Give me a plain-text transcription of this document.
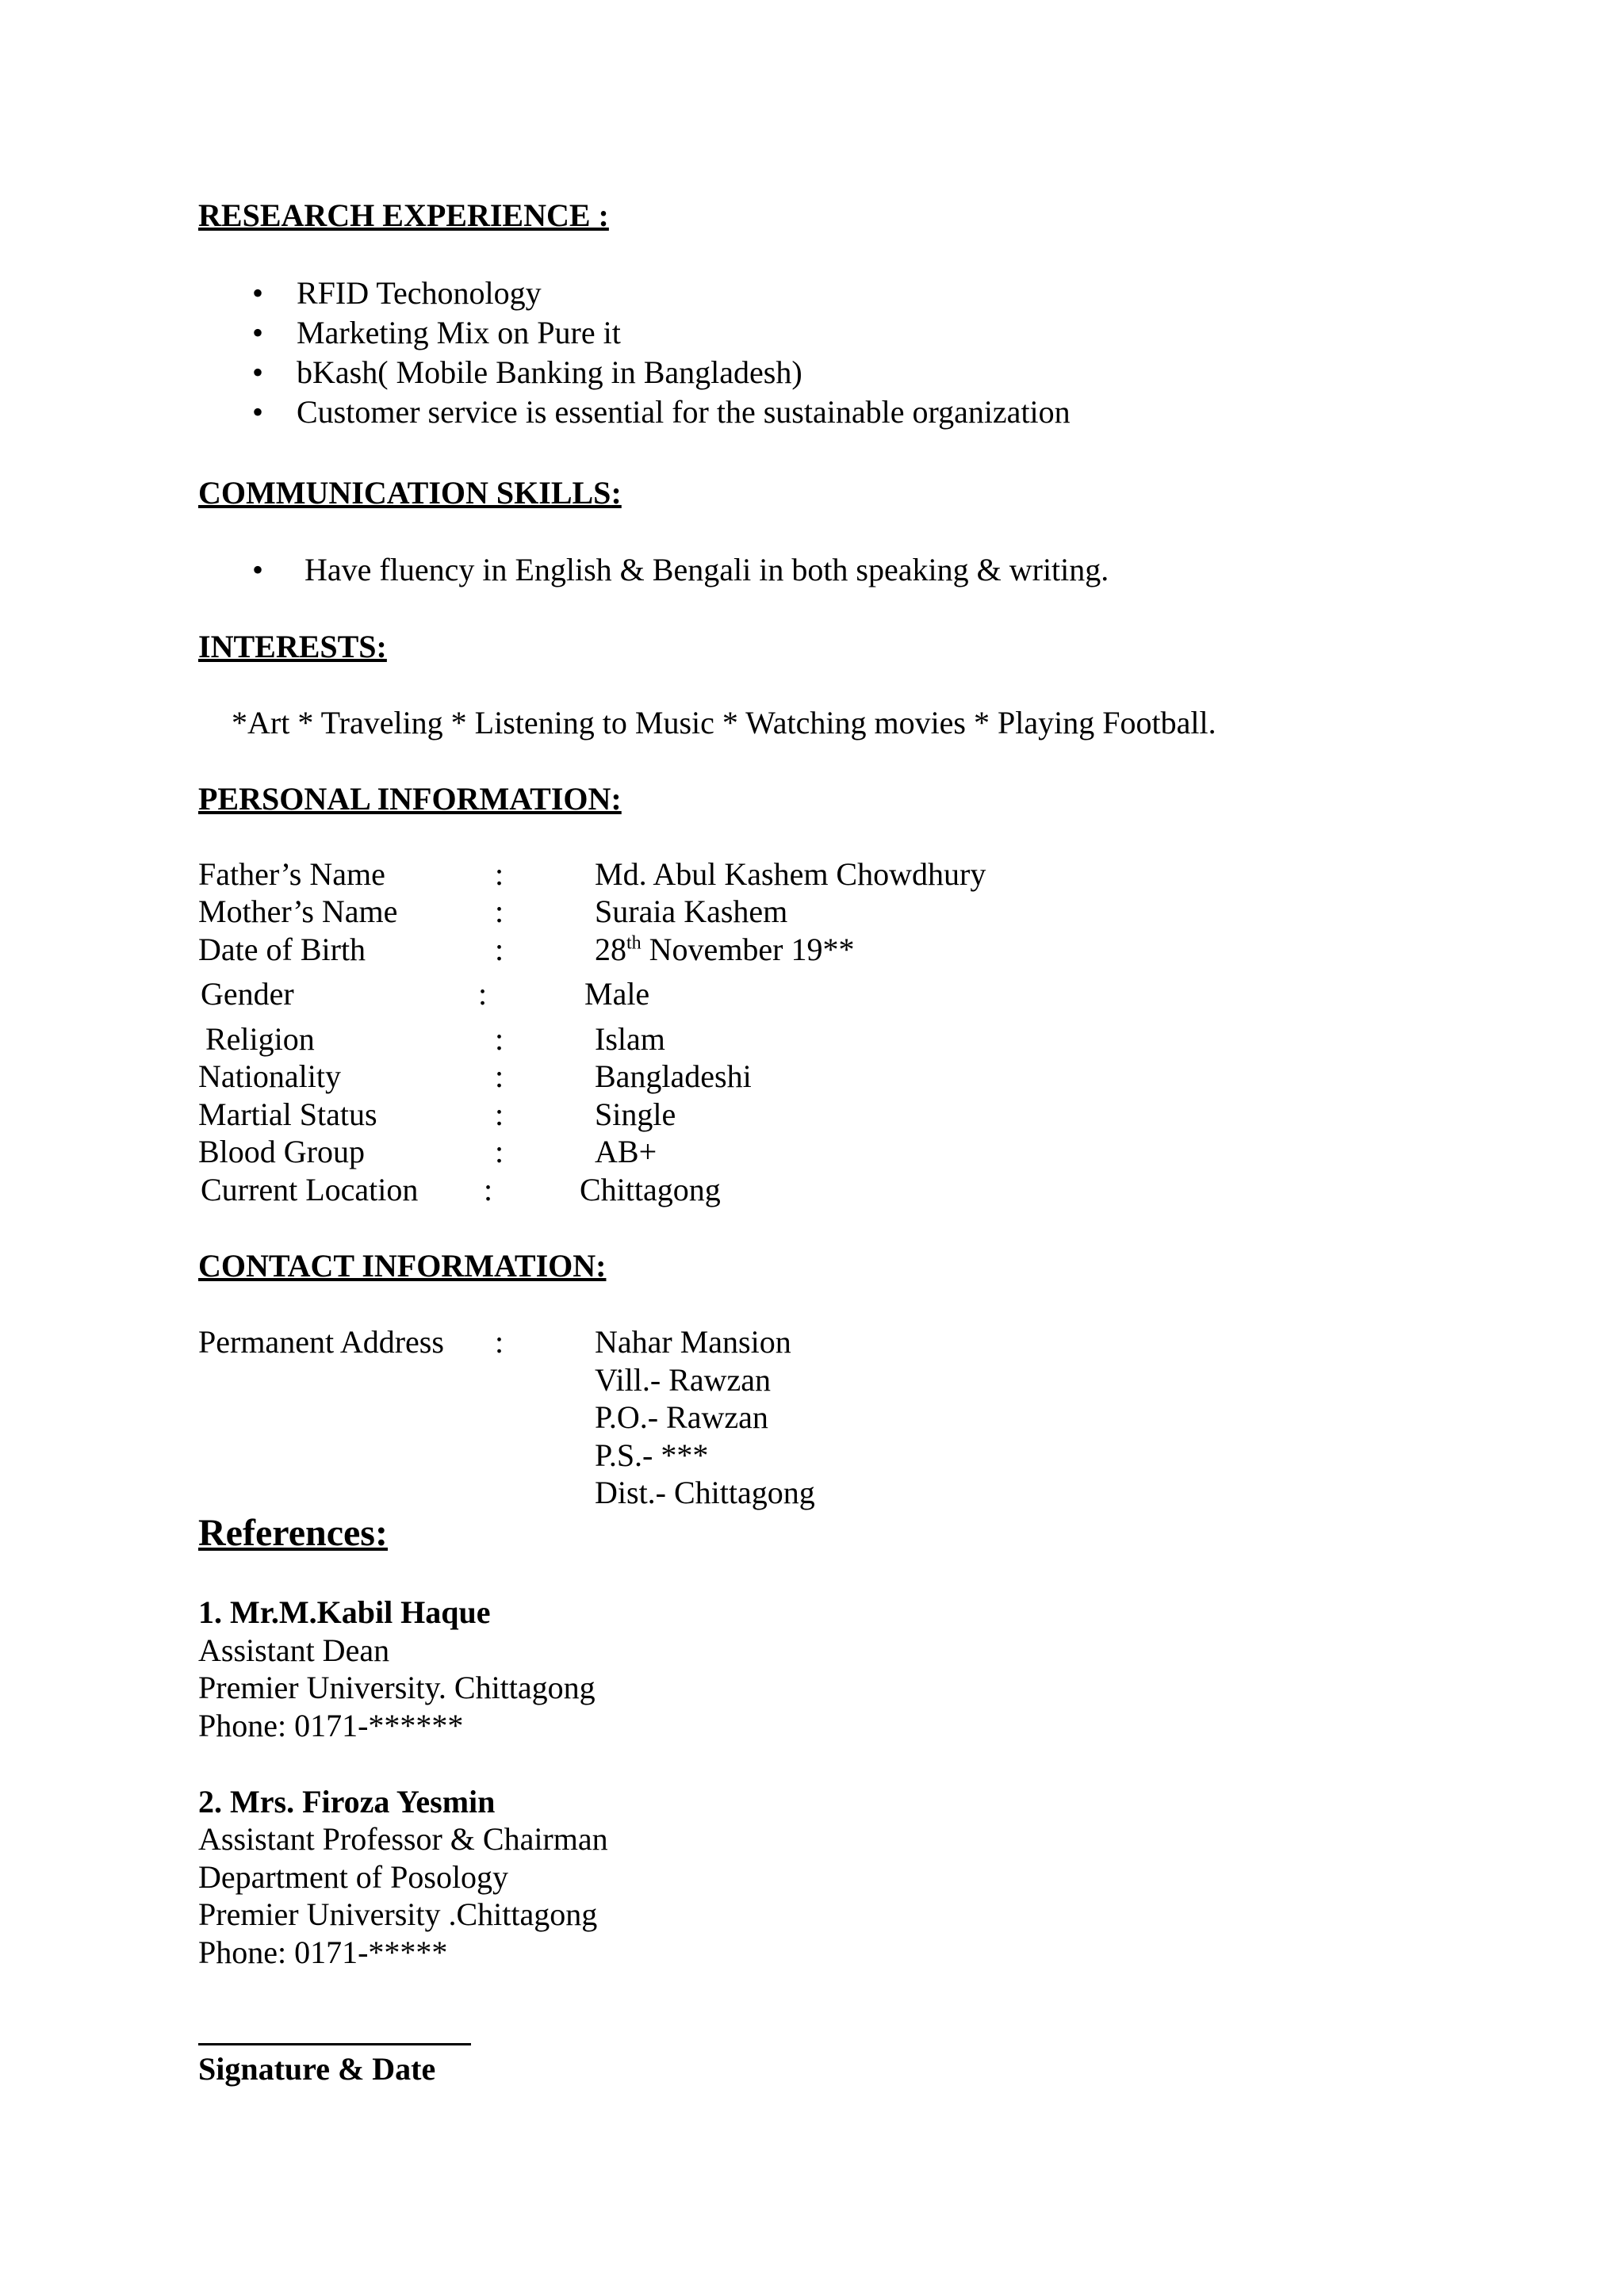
RESEARCH EXPERIENCE :
• RFID Techonology
• Marketing Mix on Pure it
• bKash( Mobile Banking in Bangladesh)
• Customer service is essential for the sustainable organization
COMMUNICATION SKILLS:
• Have fluency in English & Bengali in both speaking & writing.
INTERESTS:
*Art * Traveling * Listening to Music * Watching movies * Playing Football.
PERSONAL INFORMATION:
Father’s Name	:	Md. Abul Kashem Chowdhury
Mother’s Name	:	Suraia Kashem
Date of Birth	:	28th November 19**
Gender	:	Male
Religion	:	Islam
Nationality	:	Bangladeshi
Martial Status	:	Single
Blood Group	:	AB+
Current Location :	Chittagong
CONTACT INFORMATION:
Permanent Address :	Nahar Mansion
Vill.- Rawzan
P.O.- Rawzan
P.S.- ***
Dist.- Chittagong
References:
1. Mr.M.Kabil Haque
Assistant Dean
Premier University. Chittagong
Phone: 0171-******
2. Mrs. Firoza Yesmin
Assistant Professor & Chairman
Department of Posology
Premier University .Chittagong
Phone: 0171-*****
Signature & Date
